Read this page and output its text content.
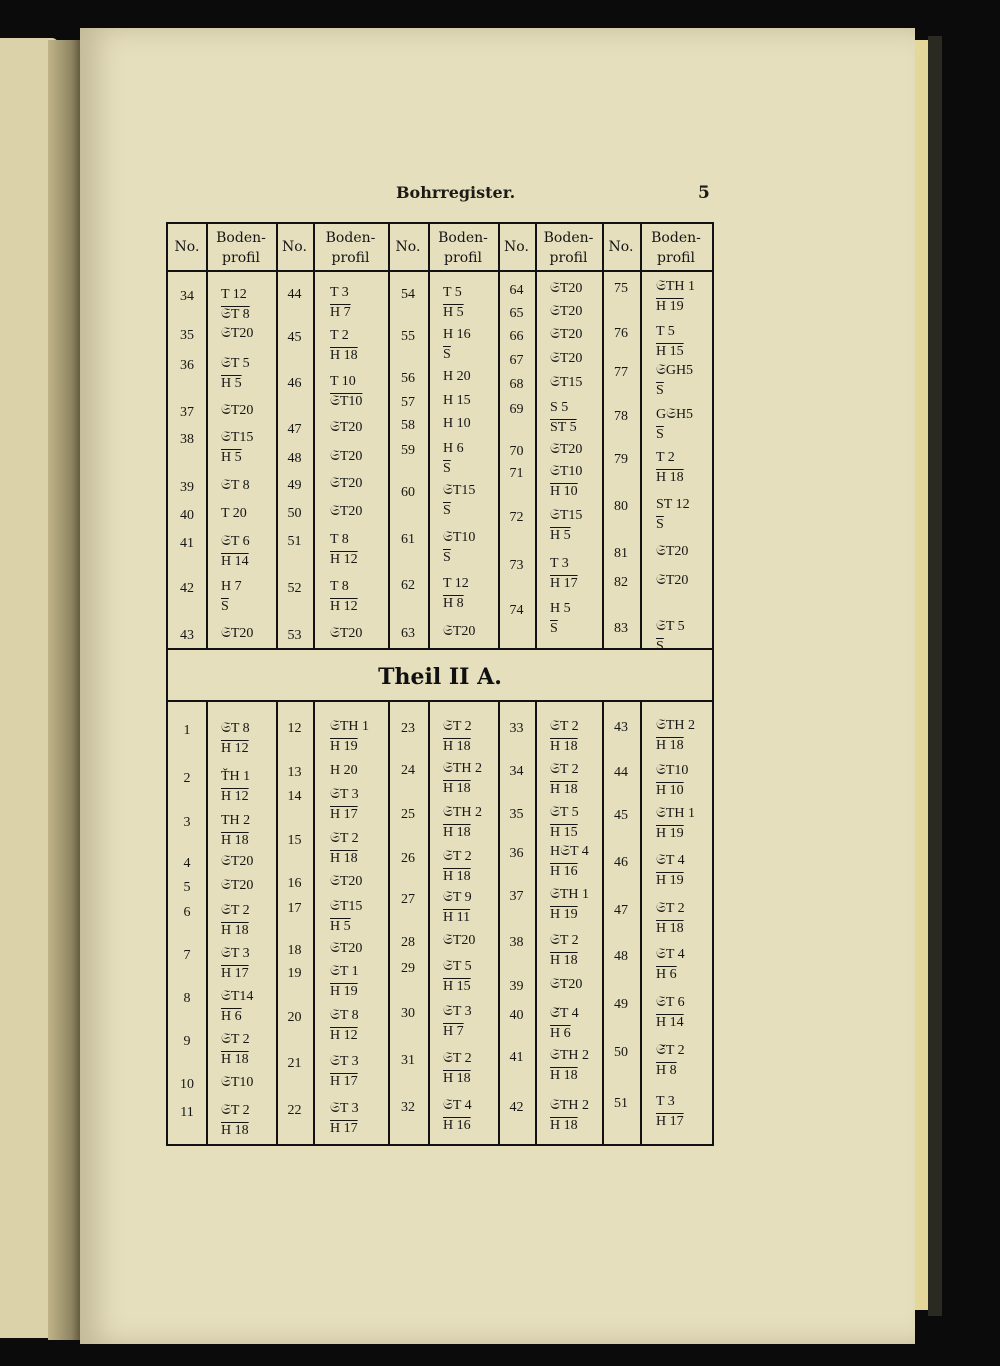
Bohrregister.	5
Theil II A.
No.
Boden-
profil
No.
Boden-
profil
No.
Boden-
profil
No.
Boden-
profil
No.
Boden-
profil
34	T 12
𝔖T 8
35	𝔖T20
36	𝔖T 5
H 5
37	𝔖T20
38	𝔖T15
H 5
39	𝔖T 8
40	T 20
41	𝔖T 6
H 14
42	H 7
$\overline{S}$
43	𝔖T20
44	T 3
H 7
45	T 2
H 18
46	T 10
𝔖T10
47	𝔖T20
48	𝔖T20
49	𝔖T20
50	𝔖T20
51	T 8
H 12
52	T 8
H 12
53	𝔖T20
54	T 5
H 5
55	H 16
$\overline{S}$
56	H 20
57	H 15
58	H 10
59	H 6
$\overline{S}$
60	𝔖T15
$\overline{S}$
61	𝔖T10
$\overline{S}$
62	T 12
H 8
63	𝔖T20
64	𝔖T20
65	𝔖T20
66	𝔖T20
67	𝔖T20
68	𝔖T15
69	S 5
ST 5
70	𝔖T20
71	𝔖T10
H 10
72	𝔖T15
H 5
73	T 3
H 17
74	H 5
$\overline{S}$
75	𝔖TH 1
H 19
76	T 5
H 15
77	𝔖GH5
$\overline{S}$
78	G𝔖H5
$\overline{S}$
79	T 2
H 18
80	ST 12
$\overline{S}$
81	𝔖T20
82	𝔖T20
83	𝔖T 5
$\overline{S}$
1	𝔖T 8
H 12
2	ŤH 1
H 12
3	TH 2
H 18
4	𝔖T20
5	𝔖T20
6	𝔖T 2
H 18
7	𝔖T 3
H 17
8	𝔖T14
H 6
9	𝔖T 2
H 18
10	𝔖T10
11	𝔖T 2
H 18
12	𝔖TH 1
H 19
13	H 20
14	𝔖T 3
H 17
15	𝔖T 2
H 18
16	𝔖T20
17	𝔖T15
H 5
18	𝔖T20
19	𝔖T 1
H 19
20	𝔖T 8
H 12
21	𝔖T 3
H 17
22	𝔖T 3
H 17
23	𝔖T 2
H 18
24	𝔖TH 2
H 18
25	𝔖TH 2
H 18
26	𝔖T 2
H 18
27	𝔖T 9
H 11
28	𝔖T20
29	𝔖T 5
H 15
30	𝔖T 3
H 7
31	𝔖T 2
H 18
32	𝔖T 4
H 16
33	𝔖T 2
H 18
34	𝔖T 2
H 18
35	𝔖T 5
H 15
36	H𝔖T 4
H 16
37	𝔖TH 1
H 19
38	𝔖T 2
H 18
39	𝔖T20
40	𝔖̌T 4
H 6
41	𝔖TH 2
H 18
42	𝔖TH 2
H 18
43	𝔖TH 2
H 18
44	𝔖T10
H 10
45	𝔖TH 1
H 19
46	𝔖T 4
H 19
47	𝔖T 2
H 18
48	𝔖T 4
H 6
49	𝔖T 6
H 14
50	𝔖̌T 2
H 8
51	T 3
H 17
